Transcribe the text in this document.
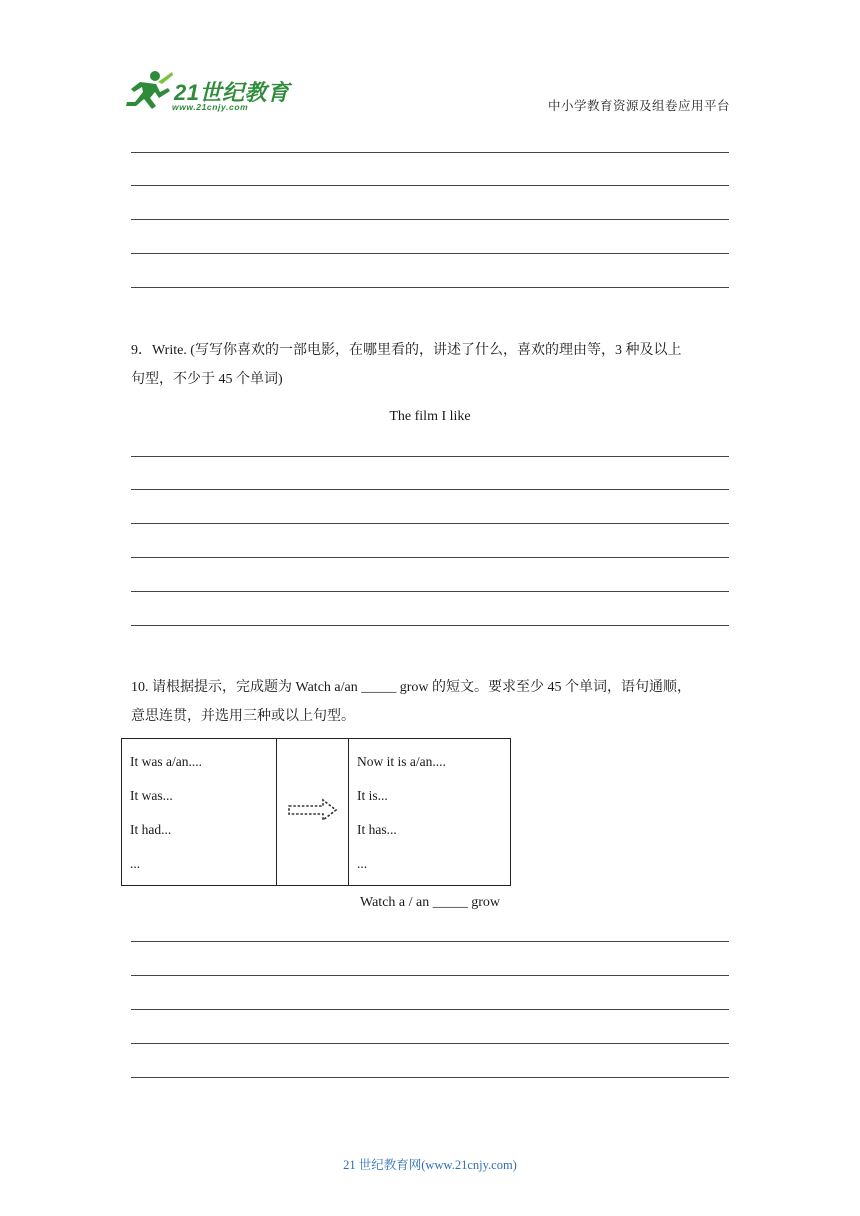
21世纪教育
www.21cnjy.com	中小学教育资源及组卷应用平台
9．Write. (写写你喜欢的一部电影，在哪里看的，讲述了什么，喜欢的理由等，3 种及以上
句型，不少于 45 个单词)
The film I like
10. 请根据提示，完成题为 Watch a/an _____ grow 的短文。要求至少 45 个单词，语句通顺，
意思连贯，并选用三种或以上句型。
It was a/an....
It was...
It had...
...

Now it is a/an....
It is...
It has...
...
Watch a / an _____ grow
21 世纪教育网(www.21cnjy.com)
